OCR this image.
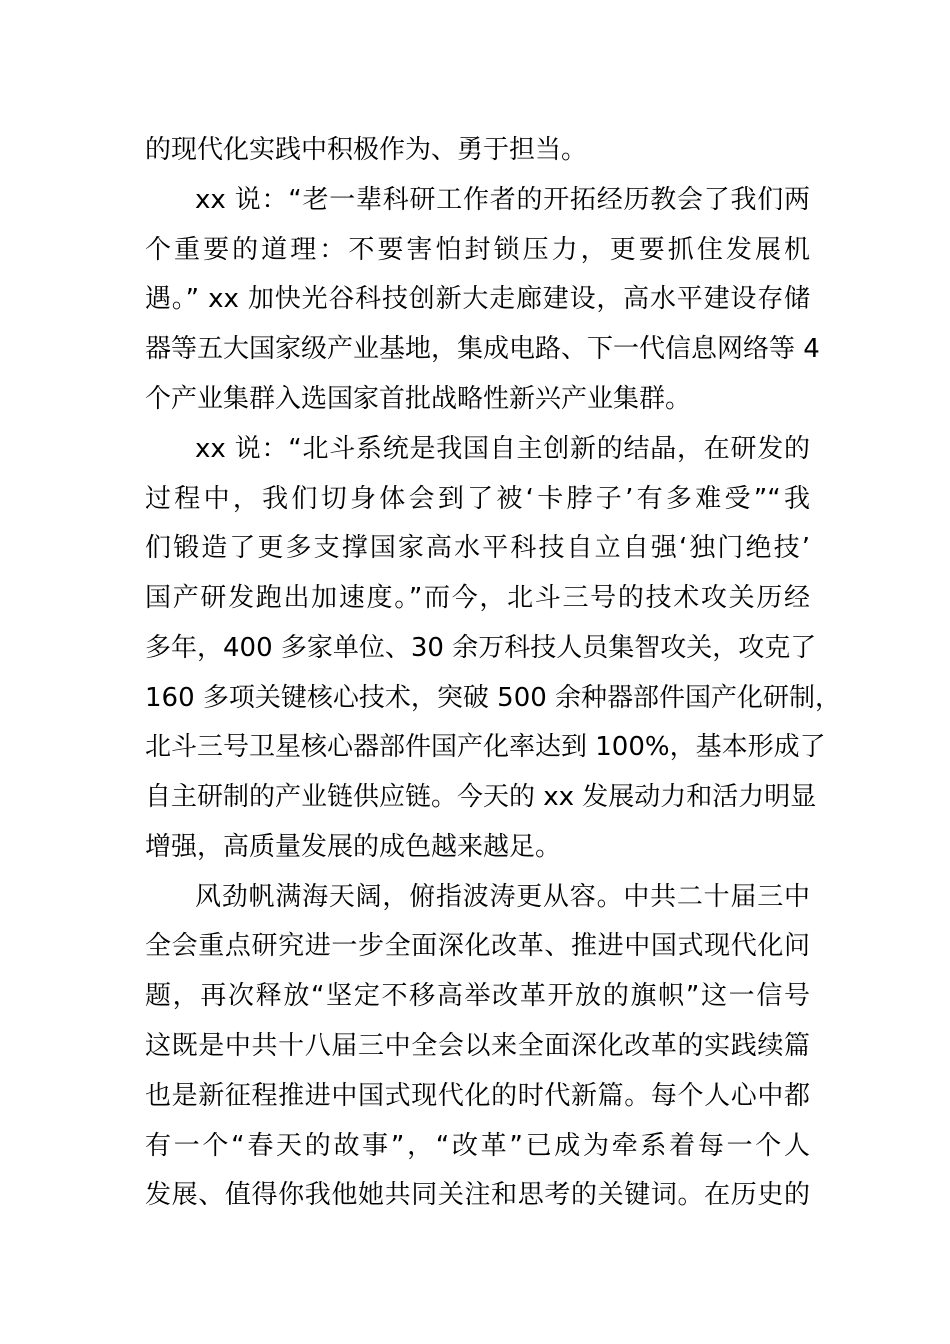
的现代化实践中积极作为、勇于担当。
xx 说：“老一辈科研工作者的开拓经历教会了我们两
个重要的道理：不要害怕封锁压力，更要抓住发展机
遇。” xx 加快光谷科技创新大走廊建设，高水平建设存储
器等五大国家级产业基地，集成电路、下一代信息网络等 4
个产业集群入选国家首批战略性新兴产业集群。
xx 说：“北斗系统是我国自主创新的结晶，在研发的
过程中，我们切身体会到了被‘卡脖子’有多难受”“我
们锻造了更多支撑国家高水平科技自立自强‘独门绝技’
国产研发跑出加速度。”而今，北斗三号的技术攻关历经
多年，400 多家单位、30 余万科技人员集智攻关，攻克了
160 多项关键核心技术，突破 500 余种器部件国产化研制，
北斗三号卫星核心器部件国产化率达到 100%，基本形成了
自主研制的产业链供应链。今天的 xx 发展动力和活力明显
增强，高质量发展的成色越来越足。
风劲帆满海天阔，俯指波涛更从容。中共二十届三中
全会重点研究进一步全面深化改革、推进中国式现代化问
题，再次释放“坚定不移高举改革开放的旗帜”这一信号
这既是中共十八届三中全会以来全面深化改革的实践续篇
也是新征程推进中国式现代化的时代新篇。每个人心中都
有一个“春天的故事”，“改革”已成为牵系着每一个人
发展、值得你我他她共同关注和思考的关键词。在历史的
